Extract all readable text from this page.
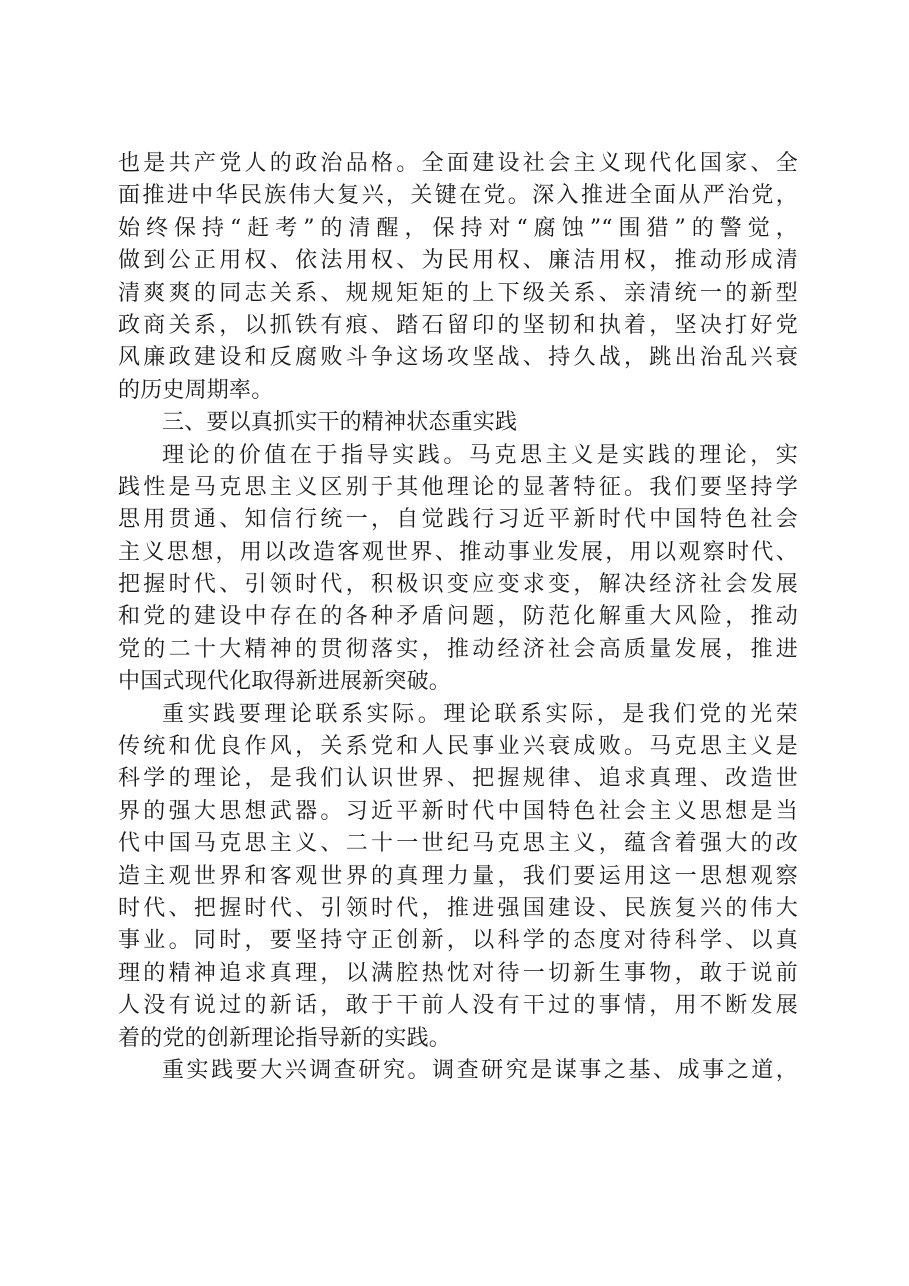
也是共产党人的政治品格。全面建设社会主义现代化国家、全
面推进中华民族伟大复兴，关键在党。深入推进全面从严治党，
始终保持“赶考”的清醒，保持对“腐蚀”“围猎”的警觉，
做到公正用权、依法用权、为民用权、廉洁用权，推动形成清
清爽爽的同志关系、规规矩矩的上下级关系、亲清统一的新型
政商关系，以抓铁有痕、踏石留印的坚韧和执着，坚决打好党
风廉政建设和反腐败斗争这场攻坚战、持久战，跳出治乱兴衰
的历史周期率。
三、要以真抓实干的精神状态重实践
理论的价值在于指导实践。马克思主义是实践的理论，实
践性是马克思主义区别于其他理论的显著特征。我们要坚持学
思用贯通、知信行统一，自觉践行习近平新时代中国特色社会
主义思想，用以改造客观世界、推动事业发展，用以观察时代、
把握时代、引领时代，积极识变应变求变，解决经济社会发展
和党的建设中存在的各种矛盾问题，防范化解重大风险，推动
党的二十大精神的贯彻落实，推动经济社会高质量发展，推进
中国式现代化取得新进展新突破。
重实践要理论联系实际。理论联系实际，是我们党的光荣
传统和优良作风，关系党和人民事业兴衰成败。马克思主义是
科学的理论，是我们认识世界、把握规律、追求真理、改造世
界的强大思想武器。习近平新时代中国特色社会主义思想是当
代中国马克思主义、二十一世纪马克思主义，蕴含着强大的改
造主观世界和客观世界的真理力量，我们要运用这一思想观察
时代、把握时代、引领时代，推进强国建设、民族复兴的伟大
事业。同时，要坚持守正创新，以科学的态度对待科学、以真
理的精神追求真理，以满腔热忱对待一切新生事物，敢于说前
人没有说过的新话，敢于干前人没有干过的事情，用不断发展
着的党的创新理论指导新的实践。
重实践要大兴调查研究。调查研究是谋事之基、成事之道，
